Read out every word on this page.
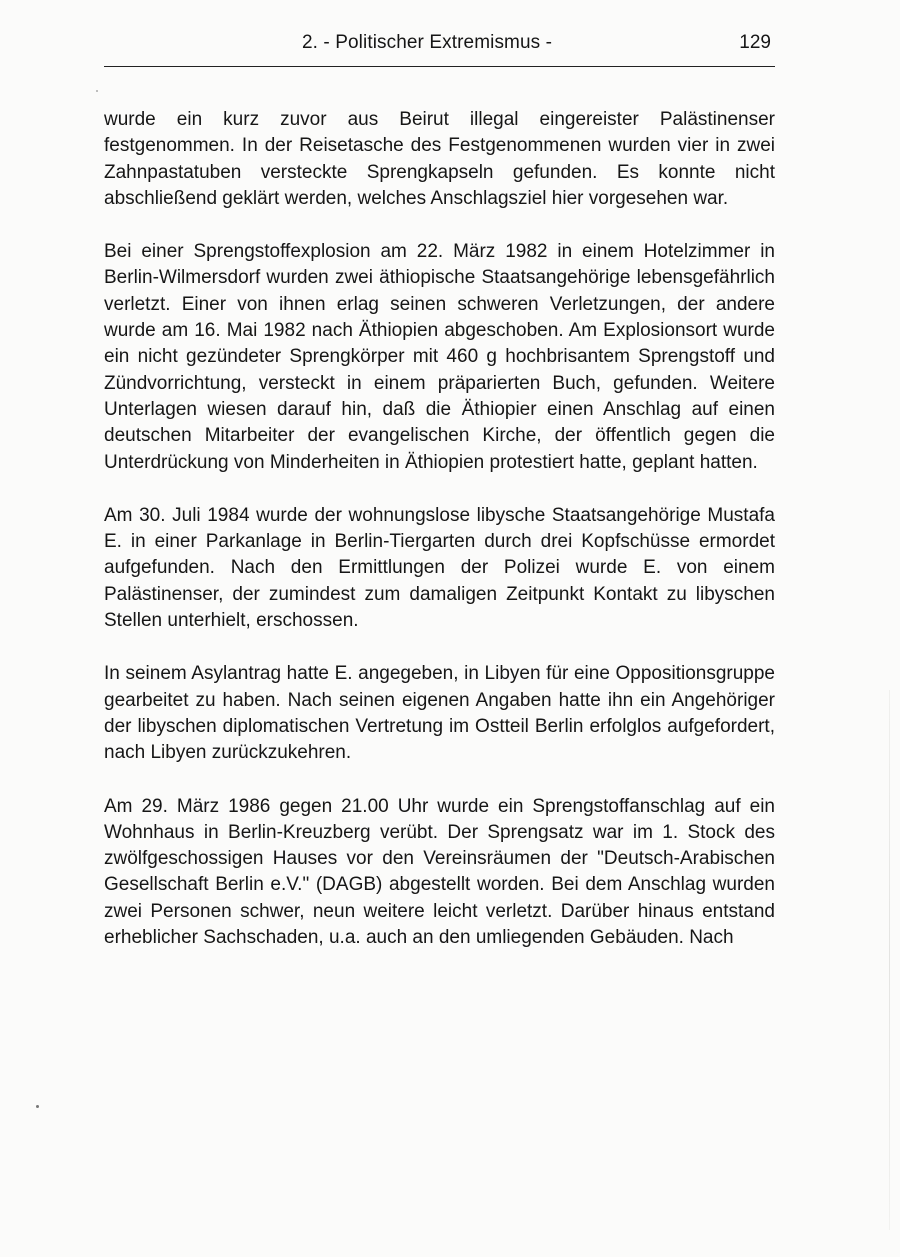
2. - Politischer Extremismus -	129

wurde ein kurz zuvor aus Beirut illegal eingereister Palästinenser festgenommen. In der Reisetasche des Festgenommenen wurden vier in zwei Zahnpastatuben versteckte Sprengkapseln gefunden. Es konnte nicht abschließend geklärt werden, welches Anschlagsziel hier vorgesehen war.

Bei einer Sprengstoffexplosion am 22. März 1982 in einem Hotelzimmer in Berlin-Wilmersdorf wurden zwei äthiopische Staatsangehörige lebensgefährlich verletzt. Einer von ihnen erlag seinen schweren Verletzungen, der andere wurde am 16. Mai 1982 nach Äthiopien abgeschoben. Am Explosionsort wurde ein nicht gezündeter Sprengkörper mit 460 g hochbrisantem Sprengstoff und Zündvorrichtung, versteckt in einem präparierten Buch, gefunden. Weitere Unterlagen wiesen darauf hin, daß die Äthiopier einen Anschlag auf einen deutschen Mitarbeiter der evangelischen Kirche, der öffentlich gegen die Unterdrückung von Minderheiten in Äthiopien protestiert hatte, geplant hatten.

Am 30. Juli 1984 wurde der wohnungslose libysche Staatsangehörige Mustafa E. in einer Parkanlage in Berlin-Tiergarten durch drei Kopfschüsse ermordet aufgefunden. Nach den Ermittlungen der Polizei wurde E. von einem Palästinenser, der zumindest zum damaligen Zeitpunkt Kontakt zu libyschen Stellen unterhielt, erschossen.

In seinem Asylantrag hatte E. angegeben, in Libyen für eine Oppositionsgruppe gearbeitet zu haben. Nach seinen eigenen Angaben hatte ihn ein Angehöriger der libyschen diplomatischen Vertretung im Ostteil Berlin erfolglos aufgefordert, nach Libyen zurückzukehren.

Am 29. März 1986 gegen 21.00 Uhr wurde ein Sprengstoffanschlag auf ein Wohnhaus in Berlin-Kreuzberg verübt. Der Sprengsatz war im 1. Stock des zwölfgeschossigen Hauses vor den Vereinsräumen der "Deutsch-Arabischen Gesellschaft Berlin e.V." (DAGB) abgestellt worden. Bei dem Anschlag wurden zwei Personen schwer, neun weitere leicht verletzt. Darüber hinaus entstand erheblicher Sachschaden, u.a. auch an den umliegenden Gebäuden. Nach
